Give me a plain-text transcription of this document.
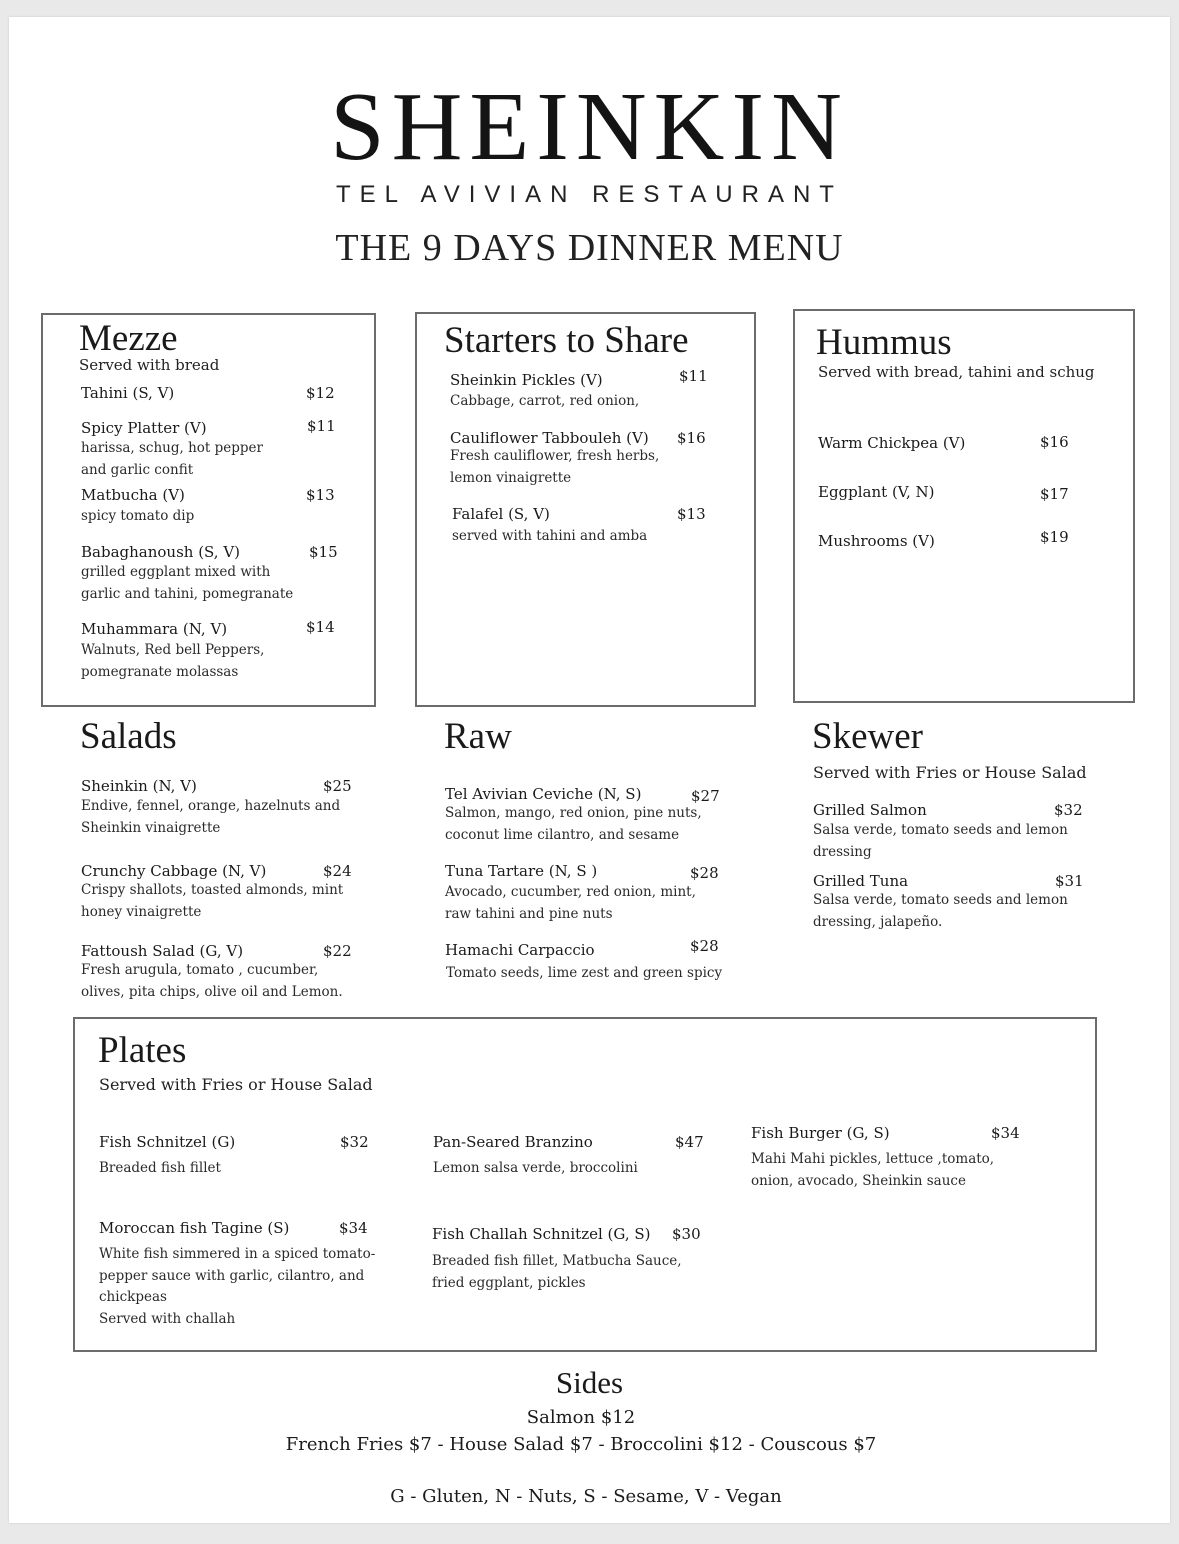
SHEINKIN
TEL AVIVIAN RESTAURANT
THE 9 DAYS DINNER MENU
Mezze
Served with bread
Tahini (S, V)	$12
Spicy Platter (V)	$11
harissa, schug, hot pepper
and garlic confit
Matbucha (V)	$13
spicy tomato dip
Babaghanoush (S, V)	$15
grilled eggplant mixed with
garlic and tahini, pomegranate
Muhammara (N, V)	$14
Walnuts, Red bell Peppers,
pomegranate molassas
Starters to Share
Sheinkin Pickles (V)	$11
Cabbage, carrot, red onion,
Cauliflower Tabbouleh (V) $16
Fresh cauliflower, fresh herbs,
lemon vinaigrette
Falafel (S, V)	$13
served with tahini and amba
Hummus
Served with bread, tahini and schug
Warm Chickpea (V)	$16
Eggplant (V, N)	$17
Mushrooms (V)	$19
Salads
Sheinkin (N, V)	$25
Endive, fennel, orange, hazelnuts and
Sheinkin vinaigrette
Crunchy Cabbage (N, V)	$24
Crispy shallots, toasted almonds, mint
honey vinaigrette
Fattoush Salad (G, V)	$22
Fresh arugula, tomato , cucumber,
olives, pita chips, olive oil and Lemon.
Raw
Tel Avivian Ceviche (N, S)	$27
Salmon, mango, red onion, pine nuts,
coconut lime cilantro, and sesame
Tuna Tartare (N, S )	$28
Avocado, cucumber, red onion, mint,
raw tahini and pine nuts
Hamachi Carpaccio	$28
Tomato seeds, lime zest and green spicy
Skewer
Served with Fries or House Salad
Grilled Salmon	$32
Salsa verde, tomato seeds and lemon
dressing
Grilled Tuna	$31
Salsa verde, tomato seeds and lemon
dressing, jalapeño.
Plates
Served with Fries or House Salad
Fish Schnitzel (G)	$32
Breaded fish fillet
Pan-Seared Branzino	$47
Lemon salsa verde, broccolini
Fish Burger (G, S)	$34
Mahi Mahi pickles, lettuce ,tomato,
onion, avocado, Sheinkin sauce
Moroccan fish Tagine (S)	$34
White fish simmered in a spiced tomato-
pepper sauce with garlic, cilantro, and
chickpeas
Served with challah
Fish Challah Schnitzel (G, S) $30
Breaded fish fillet, Matbucha Sauce,
fried eggplant, pickles
Sides
Salmon $12
French Fries $7 - House Salad $7 - Broccolini $12 - Couscous $7
G - Gluten, N - Nuts, S - Sesame, V - Vegan
